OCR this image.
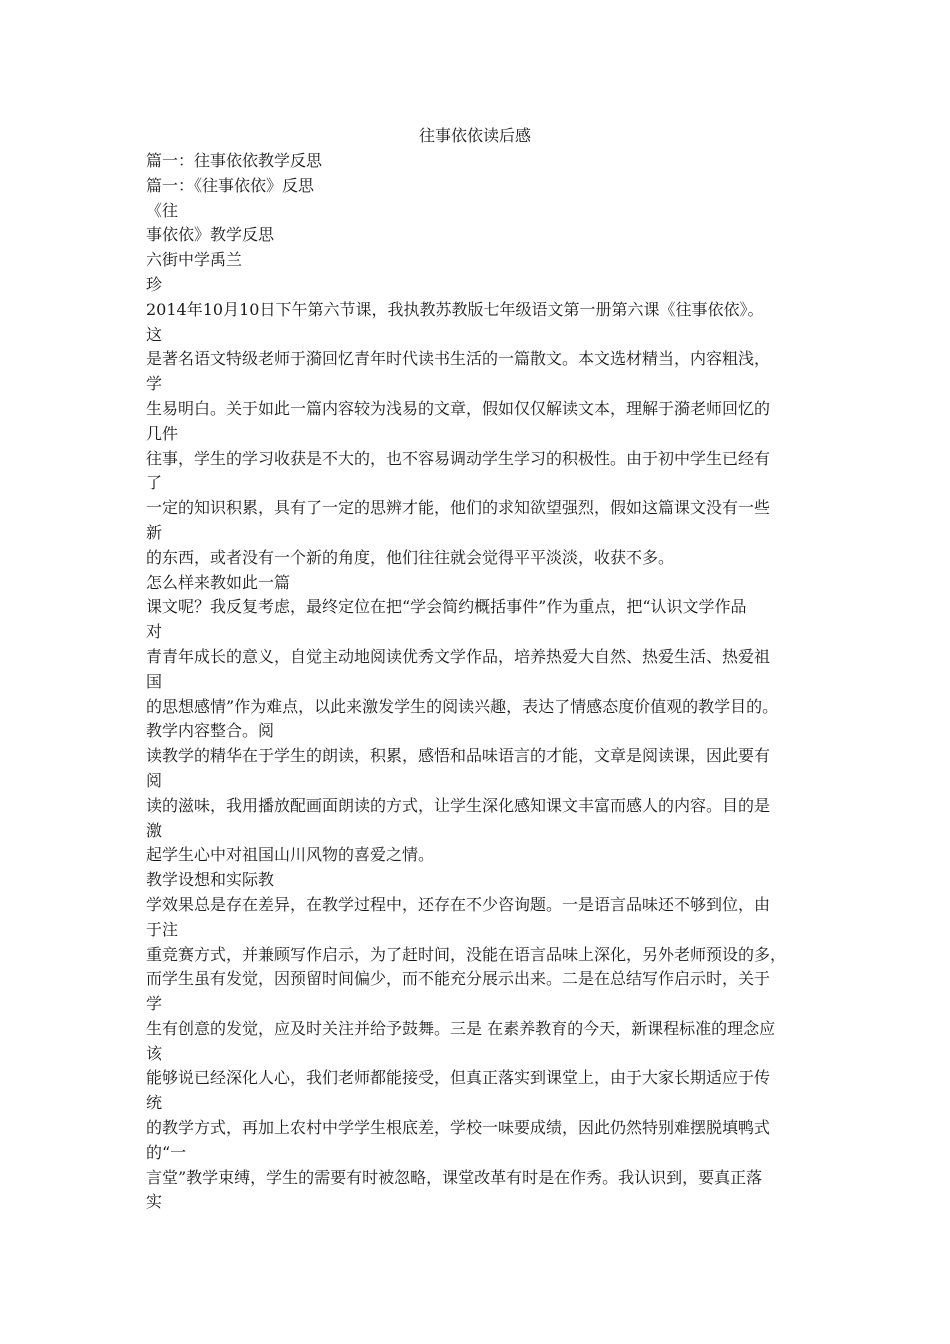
往事依依读后感
篇一：往事依依教学反思
篇一：《往事依依》反思
《往
事依依》教学反思
六街中学禹兰
珍
2014年10月10日下午第六节课，我执教苏教版七年级语文第一册第六课《往事依依》。
这
是著名语文特级老师于漪回忆青年时代读书生活的一篇散文。本文选材精当，内容粗浅，
学
生易明白。关于如此一篇内容较为浅易的文章，假如仅仅解读文本，理解于漪老师回忆的
几件
往事，学生的学习收获是不大的，也不容易调动学生学习的积极性。由于初中学生已经有
了
一定的知识积累，具有了一定的思辨才能，他们的求知欲望强烈，假如这篇课文没有一些
新
的东西，或者没有一个新的角度，他们往往就会觉得平平淡淡，收获不多。
怎么样来教如此一篇
课文呢？我反复考虑，最终定位在把“学会简约概括事件”作为重点，把“认识文学作品
对
青青年成长的意义，自觉主动地阅读优秀文学作品，培养热爱大自然、热爱生活、热爱祖
国
的思想感情”作为难点，以此来激发学生的阅读兴趣，表达了情感态度价值观的教学目的。
教学内容整合。阅
读教学的精华在于学生的朗读，积累，感悟和品味语言的才能，文章是阅读课，因此要有
阅
读的滋味，我用播放配画面朗读的方式，让学生深化感知课文丰富而感人的内容。目的是
激
起学生心中对祖国山川风物的喜爱之情。
教学设想和实际教
学效果总是存在差异，在教学过程中，还存在不少咨询题。一是语言品味还不够到位，由
于注
重竞赛方式，并兼顾写作启示，为了赶时间，没能在语言品味上深化，另外老师预设的多，
而学生虽有发觉，因预留时间偏少，而不能充分展示出来。二是在总结写作启示时，关于
学
生有创意的发觉，应及时关注并给予鼓舞。三是 在素养教育的今天，新课程标准的理念应
该
能够说已经深化人心，我们老师都能接受，但真正落实到课堂上，由于大家长期适应于传
统
的教学方式，再加上农村中学学生根底差，学校一味要成绩，因此仍然特别难摆脱填鸭式
的“一
言堂”教学束缚，学生的需要有时被忽略，课堂改革有时是在作秀。我认识到，要真正落
实
